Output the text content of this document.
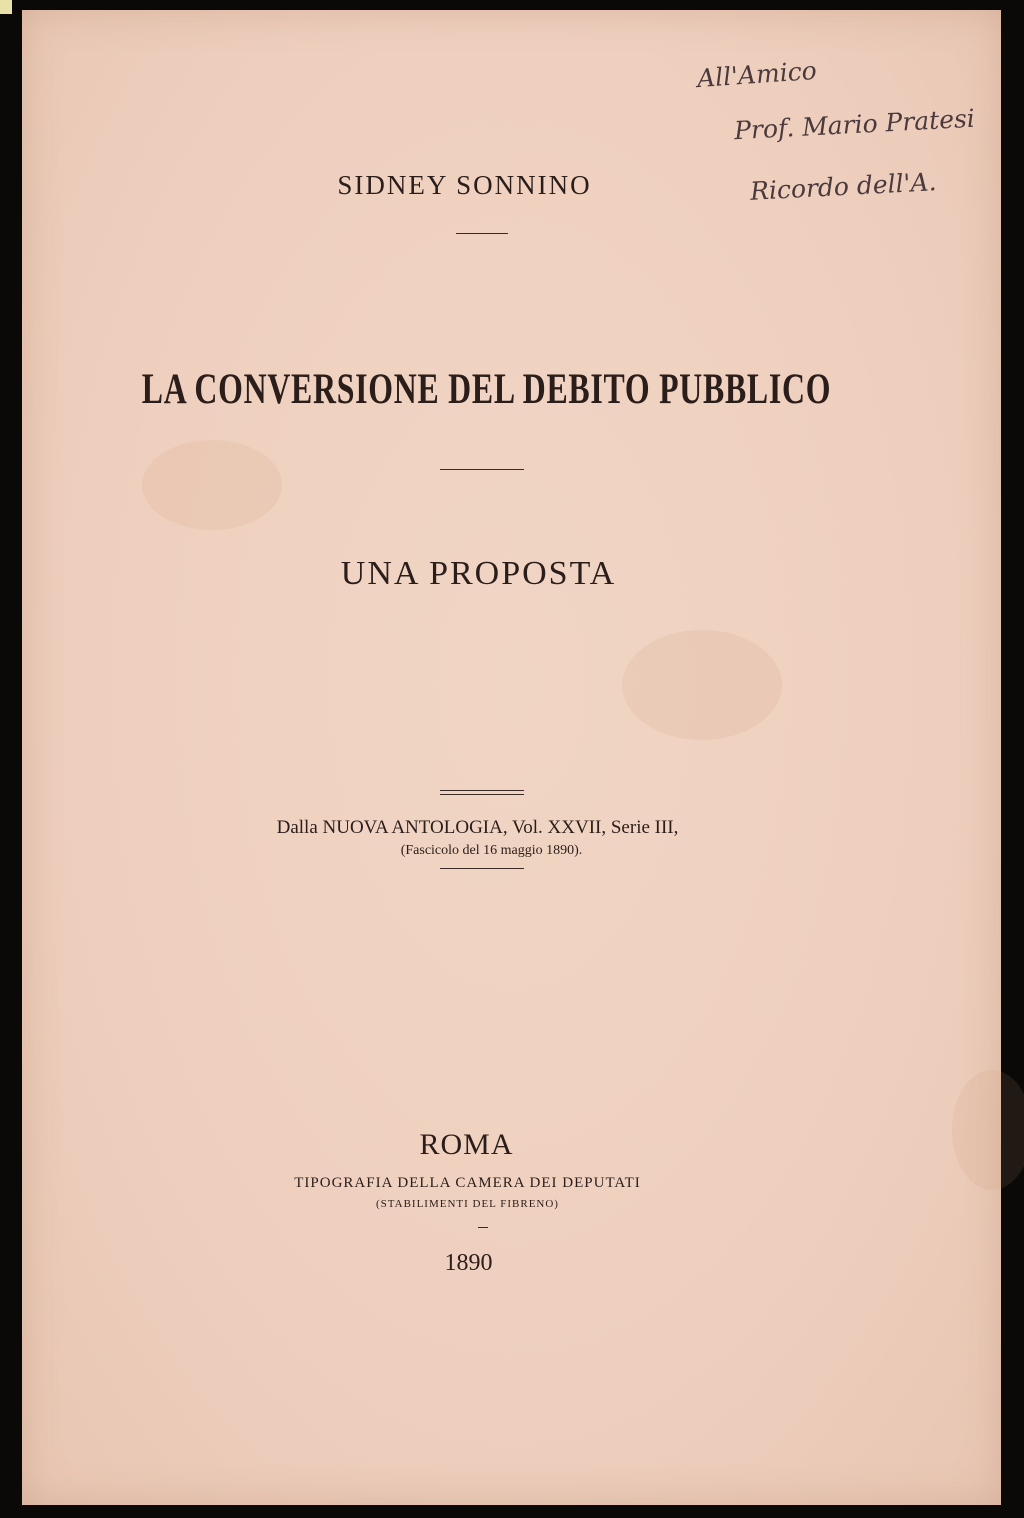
SIDNEY SONNINO
LA CONVERSIONE DEL DEBITO PUBBLICO
UNA PROPOSTA
Dalla NUOVA ANTOLOGIA, Vol. XXVII, Serie III,
(Fascicolo del 16 maggio 1890).
ROMA
TIPOGRAFIA DELLA CAMERA DEI DEPUTATI
(STABILIMENTI DEL FIBRENO)
1890
All'Amico
Prof. Mario Pratesi
Ricordo dell'A.
